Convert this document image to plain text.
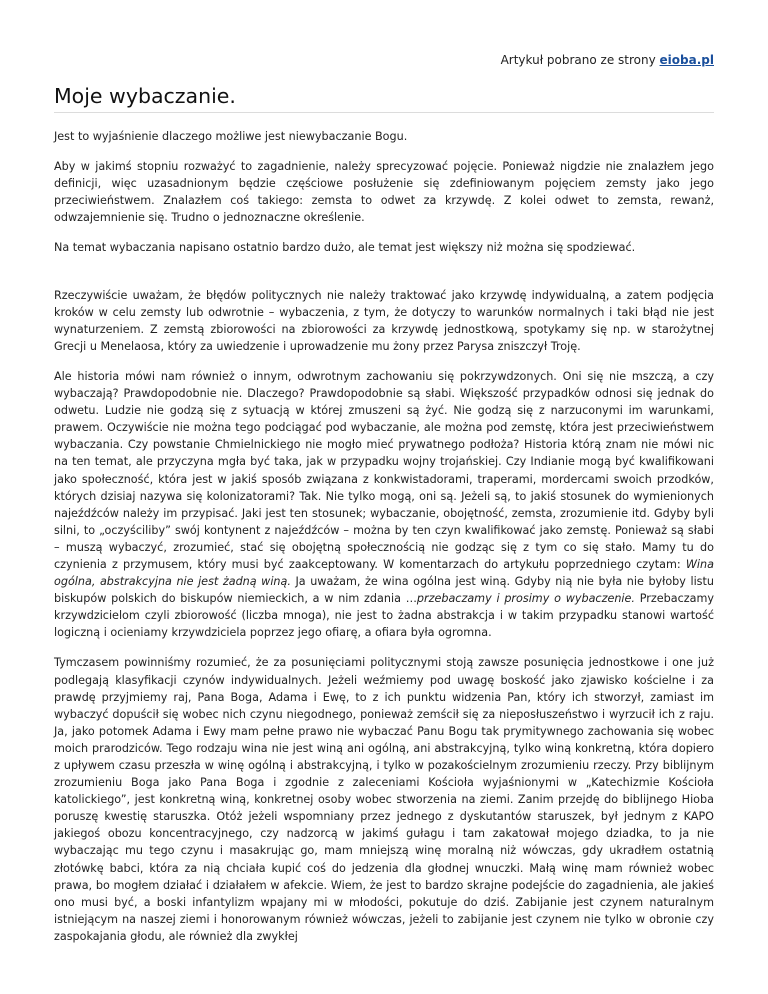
Artykuł pobrano ze strony eioba.pl
Moje wybaczanie.

Jest to wyjaśnienie dlaczego możliwe jest niewybaczanie Bogu.

Aby w jakimś stopniu rozważyć to zagadnienie, należy sprecyzować pojęcie. Ponieważ nigdzie nie znalazłem jego definicji, więc uzasadnionym będzie częściowe posłużenie się zdefiniowanym pojęciem zemsty jako jego przeciwieństwem. Znalazłem coś takiego: zemsta to odwet za krzywdę. Z kolei odwet to zemsta, rewanż, odwzajemnienie się. Trudno o jednoznaczne określenie.

Na temat wybaczania napisano ostatnio bardzo dużo, ale temat jest większy niż można się spodziewać.

Rzeczywiście uważam, że błędów politycznych nie należy traktować jako krzywdę indywidualną, a zatem podjęcia kroków w celu zemsty lub odwrotnie – wybaczenia, z tym, że dotyczy to warunków normalnych i taki błąd nie jest wynaturzeniem. Z zemstą zbiorowości na zbiorowości za krzywdę jednostkową, spotykamy się np. w starożytnej Grecji u Menelaosa, który za uwiedzenie i uprowadzenie mu żony przez Parysa zniszczył Troję.

Ale historia mówi nam również o innym, odwrotnym zachowaniu się pokrzywdzonych. Oni się nie mszczą, a czy wybaczają? Prawdopodobnie nie. Dlaczego? Prawdopodobnie są słabi. Większość przypadków odnosi się jednak do odwetu. Ludzie nie godzą się z sytuacją w której zmuszeni są żyć. Nie godzą się z narzuconymi im warunkami, prawem. Oczywiście nie można tego podciągać pod wybaczanie, ale można pod zemstę, która jest przeciwieństwem wybaczania. Czy powstanie Chmielnickiego nie mogło mieć prywatnego podłoża? Historia którą znam nie mówi nic na ten temat, ale przyczyna mgła być taka, jak w przypadku wojny trojańskiej. Czy Indianie mogą być kwalifikowani jako społeczność, która jest w jakiś sposób związana z konkwistadorami, traperami, mordercami swoich przodków, których dzisiaj nazywa się kolonizatorami? Tak. Nie tylko mogą, oni są. Jeżeli są, to jakiś stosunek do wymienionych najeźdźców należy im przypisać. Jaki jest ten stosunek; wybaczanie, obojętność, zemsta, zrozumienie itd. Gdyby byli silni, to „oczyściliby” swój kontynent z najeźdźców – można by ten czyn kwalifikować jako zemstę. Ponieważ są słabi – muszą wybaczyć, zrozumieć, stać się obojętną społecznością nie godząc się z tym co się stało. Mamy tu do czynienia z przymusem, który musi być zaakceptowany. W komentarzach do artykułu poprzedniego czytam: Wina ogólna, abstrakcyjna nie jest żadną winą. Ja uważam, że wina ogólna jest winą. Gdyby nią nie była nie byłoby listu biskupów polskich do biskupów niemieckich, a w nim zdania …przebaczamy i prosimy o wybaczenie. Przebaczamy krzywdzicielom czyli zbiorowość (liczba mnoga), nie jest to żadna abstrakcja i w takim przypadku stanowi wartość logiczną i ocieniamy krzywdziciela poprzez jego ofiarę, a ofiara była ogromna.

Tymczasem powinniśmy rozumieć, że za posunięciami politycznymi stoją zawsze posunięcia jednostkowe i one już podlegają klasyfikacji czynów indywidualnych. Jeżeli weźmiemy pod uwagę boskość jako zjawisko kościelne i za prawdę przyjmiemy raj, Pana Boga, Adama i Ewę, to z ich punktu widzenia Pan, który ich stworzył, zamiast im wybaczyć dopuścił się wobec nich czynu niegodnego, ponieważ zemścił się za nieposłuszeństwo i wyrzucił ich z raju. Ja, jako potomek Adama i Ewy mam pełne prawo nie wybaczać Panu Bogu tak prymitywnego zachowania się wobec moich prarodziców. Tego rodzaju wina nie jest winą ani ogólną, ani abstrakcyjną, tylko winą konkretną, która dopiero z upływem czasu przeszła w winę ogólną i abstrakcyjną, i tylko w pozakościelnym zrozumieniu rzeczy. Przy biblijnym zrozumieniu Boga jako Pana Boga i zgodnie z zaleceniami Kościoła wyjaśnionymi w „Katechizmie Kościoła katolickiego”, jest konkretną winą, konkretnej osoby wobec stworzenia na ziemi. Zanim przejdę do biblijnego Hioba poruszę kwestię staruszka. Otóż jeżeli wspomniany przez jednego z dyskutantów staruszek, był jednym z KAPO jakiegoś obozu koncentracyjnego, czy nadzorcą w jakimś gułagu i tam zakatował mojego dziadka, to ja nie wybaczając mu tego czynu i masakrując go, mam mniejszą winę moralną niż wówczas, gdy ukradłem ostatnią złotówkę babci, która za nią chciała kupić coś do jedzenia dla głodnej wnuczki. Małą winę mam również wobec prawa, bo mogłem działać i działałem w afekcie. Wiem, że jest to bardzo skrajne podejście do zagadnienia, ale jakieś ono musi być, a boski infantylizm wpajany mi w młodości, pokutuje do dziś. Zabijanie jest czynem naturalnym istniejącym na naszej ziemi i honorowanym również wówczas, jeżeli to zabijanie jest czynem nie tylko w obronie czy zaspokajania głodu, ale również dla zwykłej
